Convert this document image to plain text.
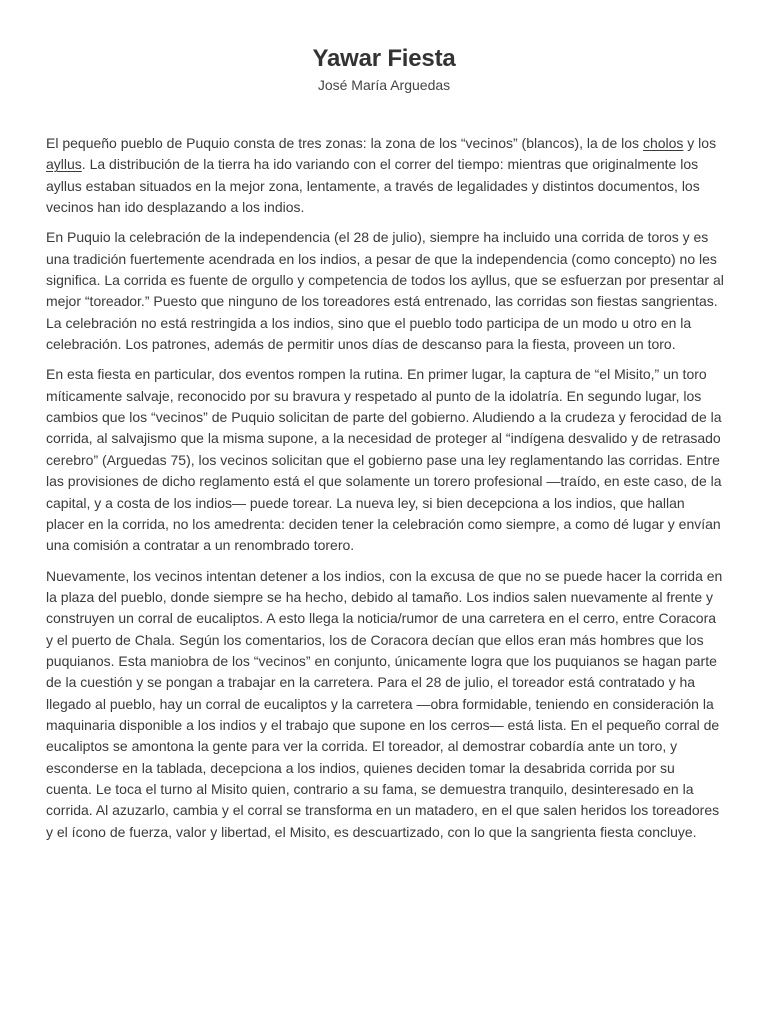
Yawar Fiesta

José María Arguedas

El pequeño pueblo de Puquio consta de tres zonas: la zona de los “vecinos” (blancos), la de los cholos y los ayllus. La distribución de la tierra ha ido variando con el correr del tiempo: mientras que originalmente los ayllus estaban situados en la mejor zona, lentamente, a través de legalidades y distintos documentos, los vecinos han ido desplazando a los indios.

En Puquio la celebración de la independencia (el 28 de julio), siempre ha incluido una corrida de toros y es una tradición fuertemente acendrada en los indios, a pesar de que la independencia (como concepto) no les significa. La corrida es fuente de orgullo y competencia de todos los ayllus, que se esfuerzan por presentar al mejor “toreador.” Puesto que ninguno de los toreadores está entrenado, las corridas son fiestas sangrientas. La celebración no está restringida a los indios, sino que el pueblo todo participa de un modo u otro en la celebración. Los patrones, además de permitir unos días de descanso para la fiesta, proveen un toro.

En esta fiesta en particular, dos eventos rompen la rutina. En primer lugar, la captura de “el Misito,” un toro míticamente salvaje, reconocido por su bravura y respetado al punto de la idolatría. En segundo lugar, los cambios que los “vecinos” de Puquio solicitan de parte del gobierno. Aludiendo a la crudeza y ferocidad de la corrida, al salvajismo que la misma supone, a la necesidad de proteger al “indígena desvalido y de retrasado cerebro” (Arguedas 75), los vecinos solicitan que el gobierno pase una ley reglamentando las corridas. Entre las provisiones de dicho reglamento está el que solamente un torero profesional —traído, en este caso, de la capital, y a costa de los indios— puede torear. La nueva ley, si bien decepciona a los indios, que hallan placer en la corrida, no los amedrenta: deciden tener la celebración como siempre, a como dé lugar y envían una comisión a contratar a un renombrado torero.

Nuevamente, los vecinos intentan detener a los indios, con la excusa de que no se puede hacer la corrida en la plaza del pueblo, donde siempre se ha hecho, debido al tamaño. Los indios salen nuevamente al frente y construyen un corral de eucaliptos. A esto llega la noticia/rumor de una carretera en el cerro, entre Coracora y el puerto de Chala. Según los comentarios, los de Coracora decían que ellos eran más hombres que los puquianos. Esta maniobra de los “vecinos” en conjunto, únicamente logra que los puquianos se hagan parte de la cuestión y se pongan a trabajar en la carretera. Para el 28 de julio, el toreador está contratado y ha llegado al pueblo, hay un corral de eucaliptos y la carretera —obra formidable, teniendo en consideración la maquinaria disponible a los indios y el trabajo que supone en los cerros— está lista. En el pequeño corral de eucaliptos se amontona la gente para ver la corrida. El toreador, al demostrar cobardía ante un toro, y esconderse en la tablada, decepciona a los indios, quienes deciden tomar la desabrida corrida por su cuenta. Le toca el turno al Misito quien, contrario a su fama, se demuestra tranquilo, desinteresado en la corrida. Al azuzarlo, cambia y el corral se transforma en un matadero, en el que salen heridos los toreadores y el ícono de fuerza, valor y libertad, el Misito, es descuartizado, con lo que la sangrienta fiesta concluye.
